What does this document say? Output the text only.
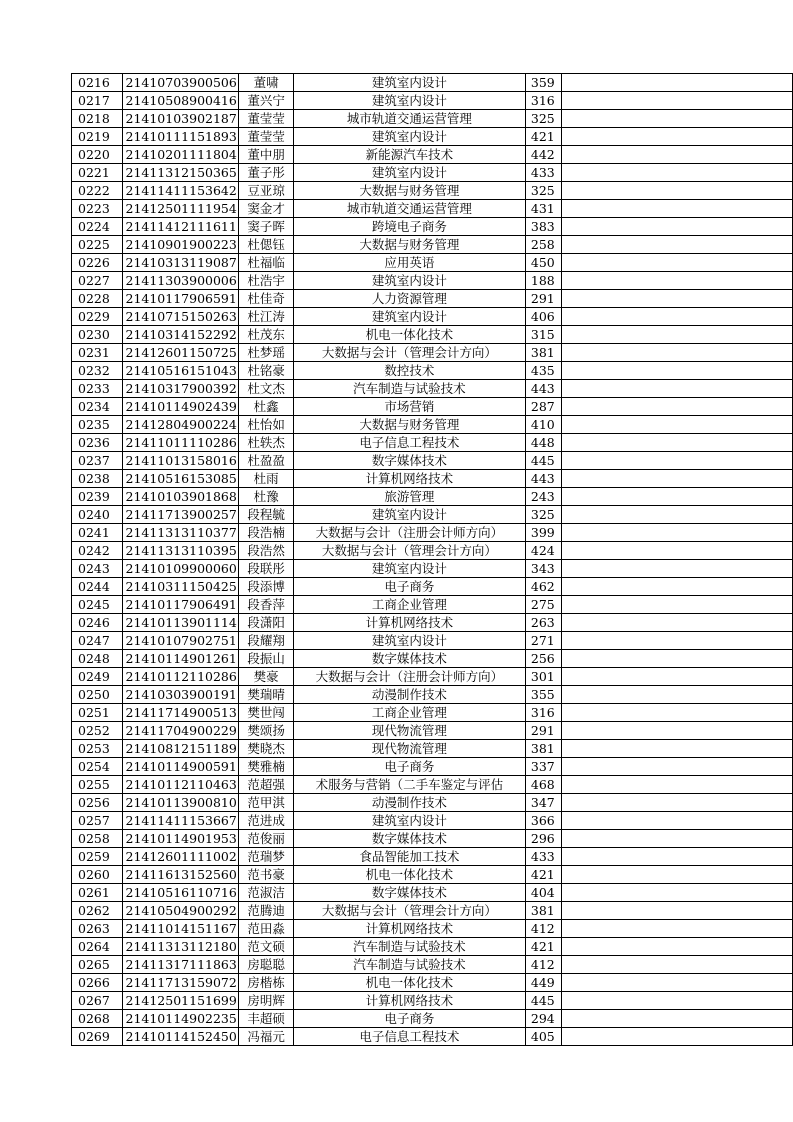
0216	21410703900506	董啸	建筑室内设计	359	
0217	21410508900416	董兴宁	建筑室内设计	316	
0218	21410103902187	董莹莹	城市轨道交通运营管理	325	
0219	21410111151893	董莹莹	建筑室内设计	421	
0220	21410201111804	董中朋	新能源汽车技术	442	
0221	21411312150365	董子彤	建筑室内设计	433	
0222	21411411153642	豆亚琼	大数据与财务管理	325	
0223	21412501111954	窦金才	城市轨道交通运营管理	431	
0224	21411412111611	窦子晖	跨境电子商务	383	
0225	21410901900223	杜偲钰	大数据与财务管理	258	
0226	21410313119087	杜福临	应用英语	450	
0227	21411303900006	杜浩宇	建筑室内设计	188	
0228	21410117906591	杜佳奇	人力资源管理	291	
0229	21410715150263	杜江涛	建筑室内设计	406	
0230	21410314152292	杜茂东	机电一体化技术	315	
0231	21412601150725	杜梦瑶	大数据与会计（管理会计方向）	381	
0232	21410516151043	杜铭豪	数控技术	435	
0233	21410317900392	杜文杰	汽车制造与试验技术	443	
0234	21410114902439	杜鑫	市场营销	287	
0235	21412804900224	杜怡如	大数据与财务管理	410	
0236	21411011110286	杜轶杰	电子信息工程技术	448	
0237	21411013158016	杜盈盈	数字媒体技术	445	
0238	21410516153085	杜雨	计算机网络技术	443	
0239	21410103901868	杜豫	旅游管理	243	
0240	21411713900257	段程毓	建筑室内设计	325	
0241	21411313110377	段浩楠	大数据与会计（注册会计师方向）	399	
0242	21411313110395	段浩然	大数据与会计（管理会计方向）	424	
0243	21410109900060	段联彤	建筑室内设计	343	
0244	21410311150425	段添博	电子商务	462	
0245	21410117906491	段香萍	工商企业管理	275	
0246	21410113901114	段潇阳	计算机网络技术	263	
0247	21410107902751	段耀翔	建筑室内设计	271	
0248	21410114901261	段振山	数字媒体技术	256	
0249	21410112110286	樊豪	大数据与会计（注册会计师方向）	301	
0250	21410303900191	樊瑞晴	动漫制作技术	355	
0251	21411714900513	樊世闯	工商企业管理	316	
0252	21411704900229	樊颂扬	现代物流管理	291	
0253	21410812151189	樊晓杰	现代物流管理	381	
0254	21410114900591	樊雅楠	电子商务	337	
0255	21410112110463	范超强	术服务与营销（二手车鉴定与评估	468	
0256	21410113900810	范甲淇	动漫制作技术	347	
0257	21411411153667	范进成	建筑室内设计	366	
0258	21410114901953	范俊丽	数字媒体技术	296	
0259	21412601111002	范瑞梦	食品智能加工技术	433	
0260	21411613152560	范书豪	机电一体化技术	421	
0261	21410516110716	范淑洁	数字媒体技术	404	
0262	21410504900292	范腾迪	大数据与会计（管理会计方向）	381	
0263	21411014151167	范田淼	计算机网络技术	412	
0264	21411313112180	范文硕	汽车制造与试验技术	421	
0265	21411317111863	房聪聪	汽车制造与试验技术	412	
0266	21411713159072	房楷栋	机电一体化技术	449	
0267	21412501151699	房明辉	计算机网络技术	445	
0268	21410114902235	丰超硕	电子商务	294	
0269	21410114152450	冯福元	电子信息工程技术	405	
